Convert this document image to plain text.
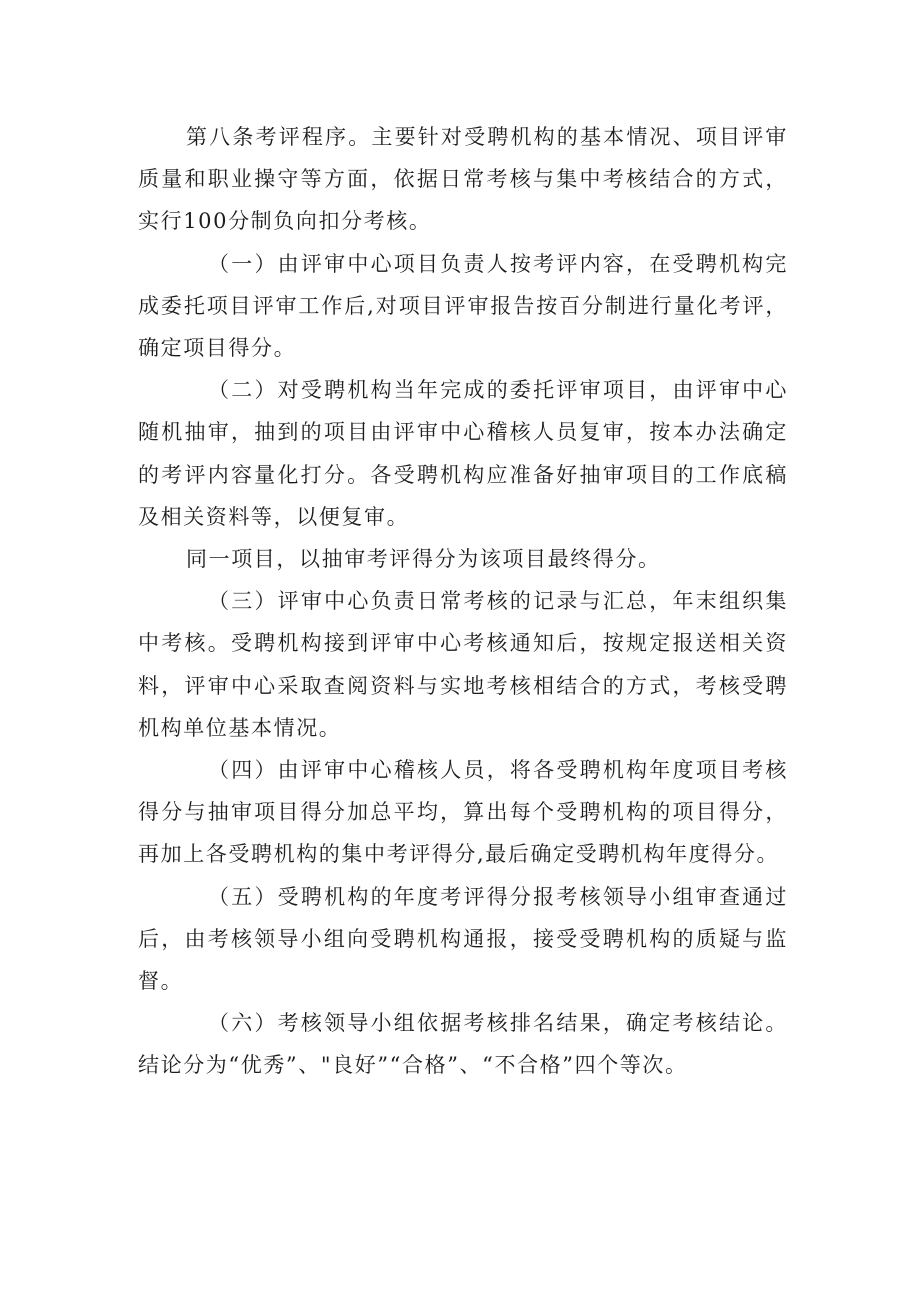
第八条考评程序。主要针对受聘机构的基本情况、项目评审质量和职业操守等方面，依据日常考核与集中考核结合的方式，实行100分制负向扣分考核。

（一）由评审中心项目负责人按考评内容，在受聘机构完成委托项目评审工作后,对项目评审报告按百分制进行量化考评，确定项目得分。

（二）对受聘机构当年完成的委托评审项目，由评审中心随机抽审，抽到的项目由评审中心稽核人员复审，按本办法确定的考评内容量化打分。各受聘机构应准备好抽审项目的工作底稿及相关资料等，以便复审。

同一项目，以抽审考评得分为该项目最终得分。

（三）评审中心负责日常考核的记录与汇总，年末组织集中考核。受聘机构接到评审中心考核通知后，按规定报送相关资料，评审中心采取查阅资料与实地考核相结合的方式，考核受聘机构单位基本情况。

（四）由评审中心稽核人员，将各受聘机构年度项目考核得分与抽审项目得分加总平均，算出每个受聘机构的项目得分，再加上各受聘机构的集中考评得分,最后确定受聘机构年度得分。

（五）受聘机构的年度考评得分报考核领导小组审查通过后，由考核领导小组向受聘机构通报，接受受聘机构的质疑与监督。

（六）考核领导小组依据考核排名结果，确定考核结论。结论分为“优秀”、"良好”“合格”、“不合格”四个等次。
